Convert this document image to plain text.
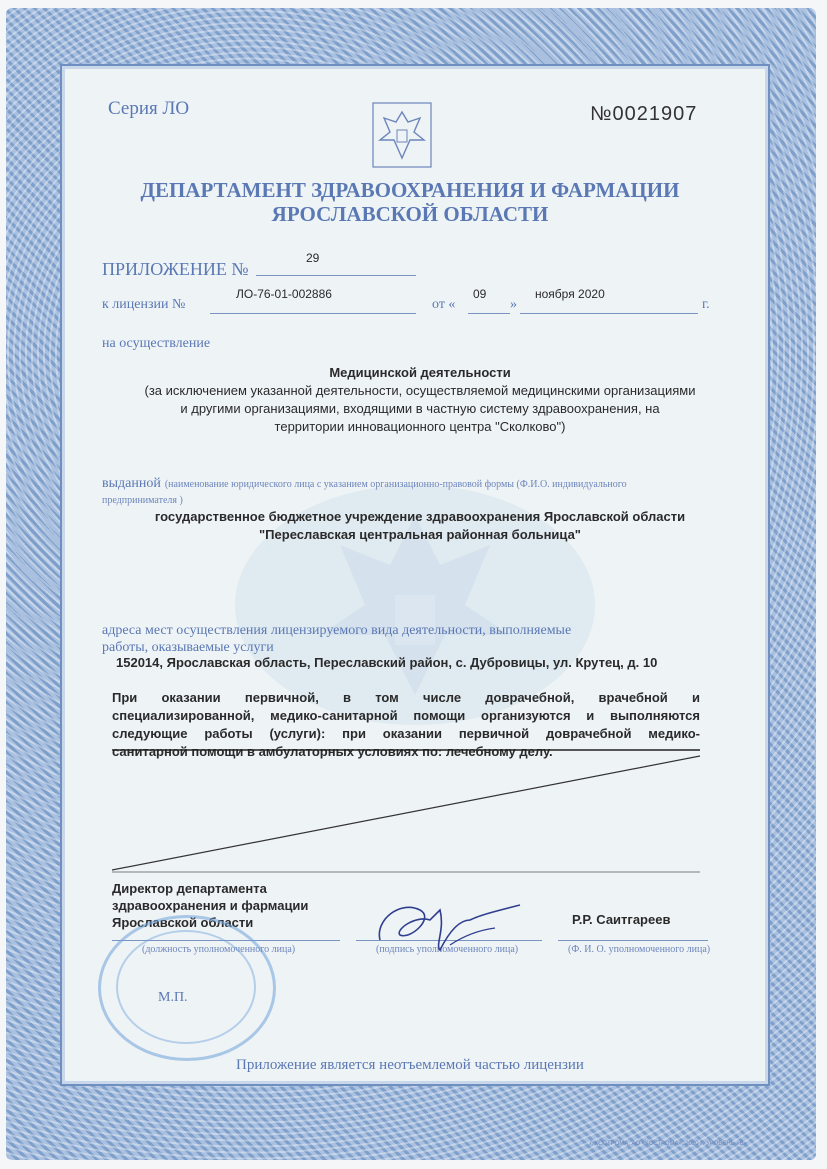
Серия ЛО	№0021907
ДЕПАРТАМЕНТ ЗДРАВООХРАНЕНИЯ И ФАРМАЦИИ
ЯРОСЛАВСКОЙ ОБЛАСТИ
ПРИЛОЖЕНИЕ №
29
к лицензии №
ЛО-76-01-002886
от «	»
09	ноября 2020
г.
на осуществление
Медицинской деятельности
(за исключением указанной деятельности, осуществляемой медицинскими организациями
и другими организациями, входящими в частную систему здравоохранения, на
территории инновационного центра "Сколково")
выданной (наименование юридического лица с указанием организационно-правовой формы (Ф.И.О. индивидуального предпринимателя )
государственное бюджетное учреждение здравоохранения Ярославской области
"Переславская центральная районная больница"
адреса мест осуществления лицензируемого вида деятельности, выполняемые
работы, оказываемые услуги
152014, Ярославская область, Переславский район, с. Дубровицы, ул. Крутец, д. 10
При оказании первичной, в том числе доврачебной, врачебной и
специализированной, медико-санитарной помощи организуются и выполняются
следующие работы (услуги): при оказании первичной доврачебной медико-
санитарной помощи в амбулаторных условиях по: лечебному делу.
Директор департамента
здравоохранения и фармации
Ярославской области	Р.Р. Саитгареев
(должность уполномоченного лица)	(подпись уполномоченного лица)	(Ф. И. О. уполномоченного лица)
М.П.
Приложение является неотъемлемой частью лицензии
г. КОСТРОМА, АО «КОСТРОМА», 2020 Г. УРОВЕНЬ «В»
